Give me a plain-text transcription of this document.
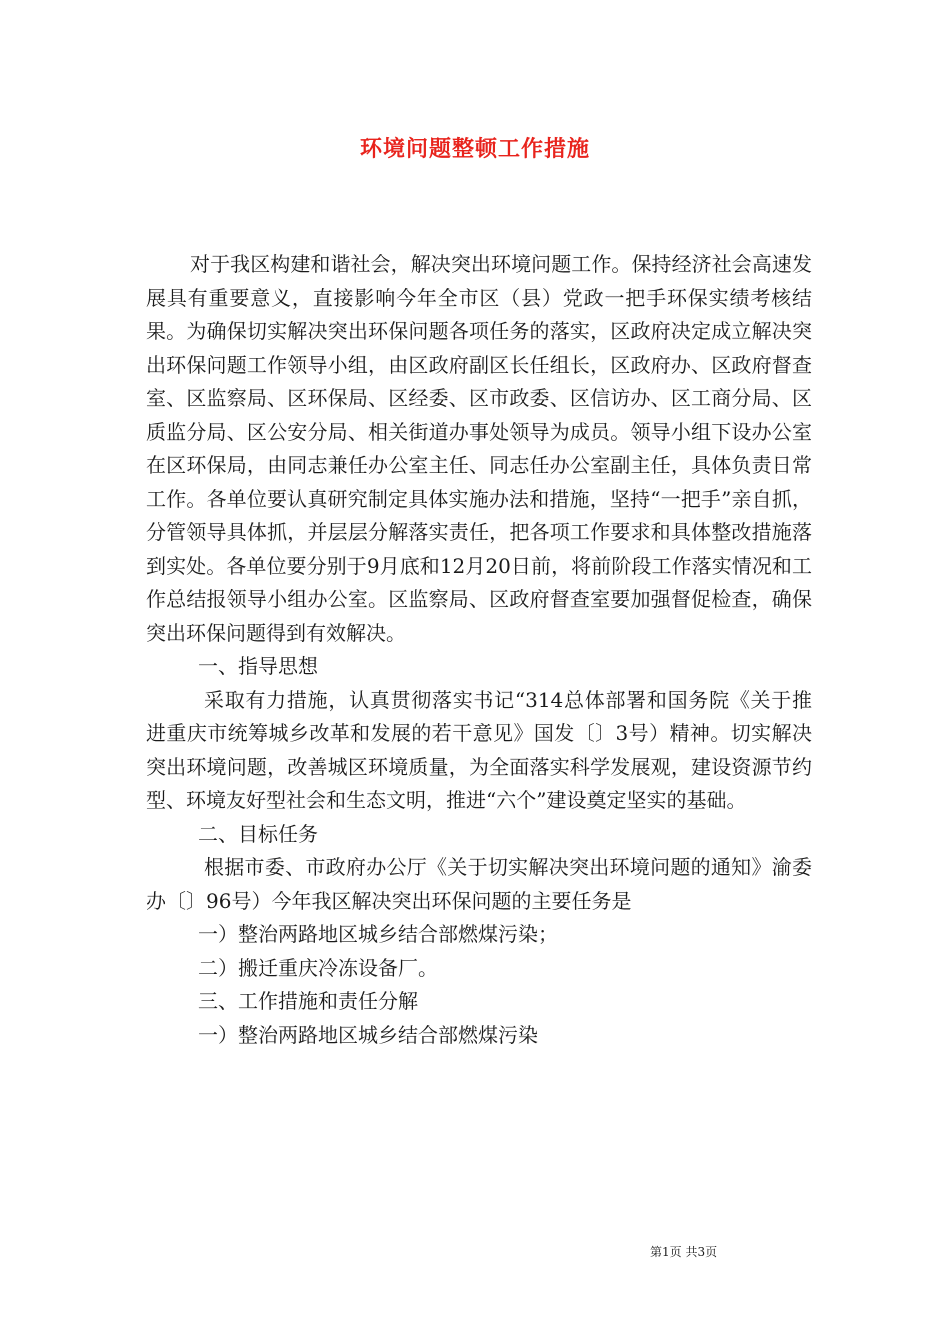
环境问题整顿工作措施

对于我区构建和谐社会，解决突出环境问题工作。保持经济社会高速发展具有重要意义，直接影响今年全市区（县）党政一把手环保实绩考核结果。为确保切实解决突出环保问题各项任务的落实，区政府决定成立解决突出环保问题工作领导小组，由区政府副区长任组长，区政府办、区政府督查室、区监察局、区环保局、区经委、区市政委、区信访办、区工商分局、区质监分局、区公安分局、相关街道办事处领导为成员。领导小组下设办公室在区环保局，由同志兼任办公室主任、同志任办公室副主任，具体负责日常工作。各单位要认真研究制定具体实施办法和措施，坚持“一把手”亲自抓，分管领导具体抓，并层层分解落实责任，把各项工作要求和具体整改措施落到实处。各单位要分别于9月底和12月20日前，将前阶段工作落实情况和工作总结报领导小组办公室。区监察局、区政府督查室要加强督促检查，确保突出环保问题得到有效解决。

一、指导思想

采取有力措施，认真贯彻落实书记“314总体部署和国务院《关于推进重庆市统筹城乡改革和发展的若干意见》国发〔〕3号）精神。切实解决突出环境问题，改善城区环境质量，为全面落实科学发展观，建设资源节约型、环境友好型社会和生态文明，推进“六个”建设奠定坚实的基础。

二、目标任务

根据市委、市政府办公厅《关于切实解决突出环境问题的通知》渝委办〔〕96号）今年我区解决突出环保问题的主要任务是

一）整治两路地区城乡结合部燃煤污染；

二）搬迁重庆冷冻设备厂。

三、工作措施和责任分解

一）整治两路地区城乡结合部燃煤污染

第1页 共3页
